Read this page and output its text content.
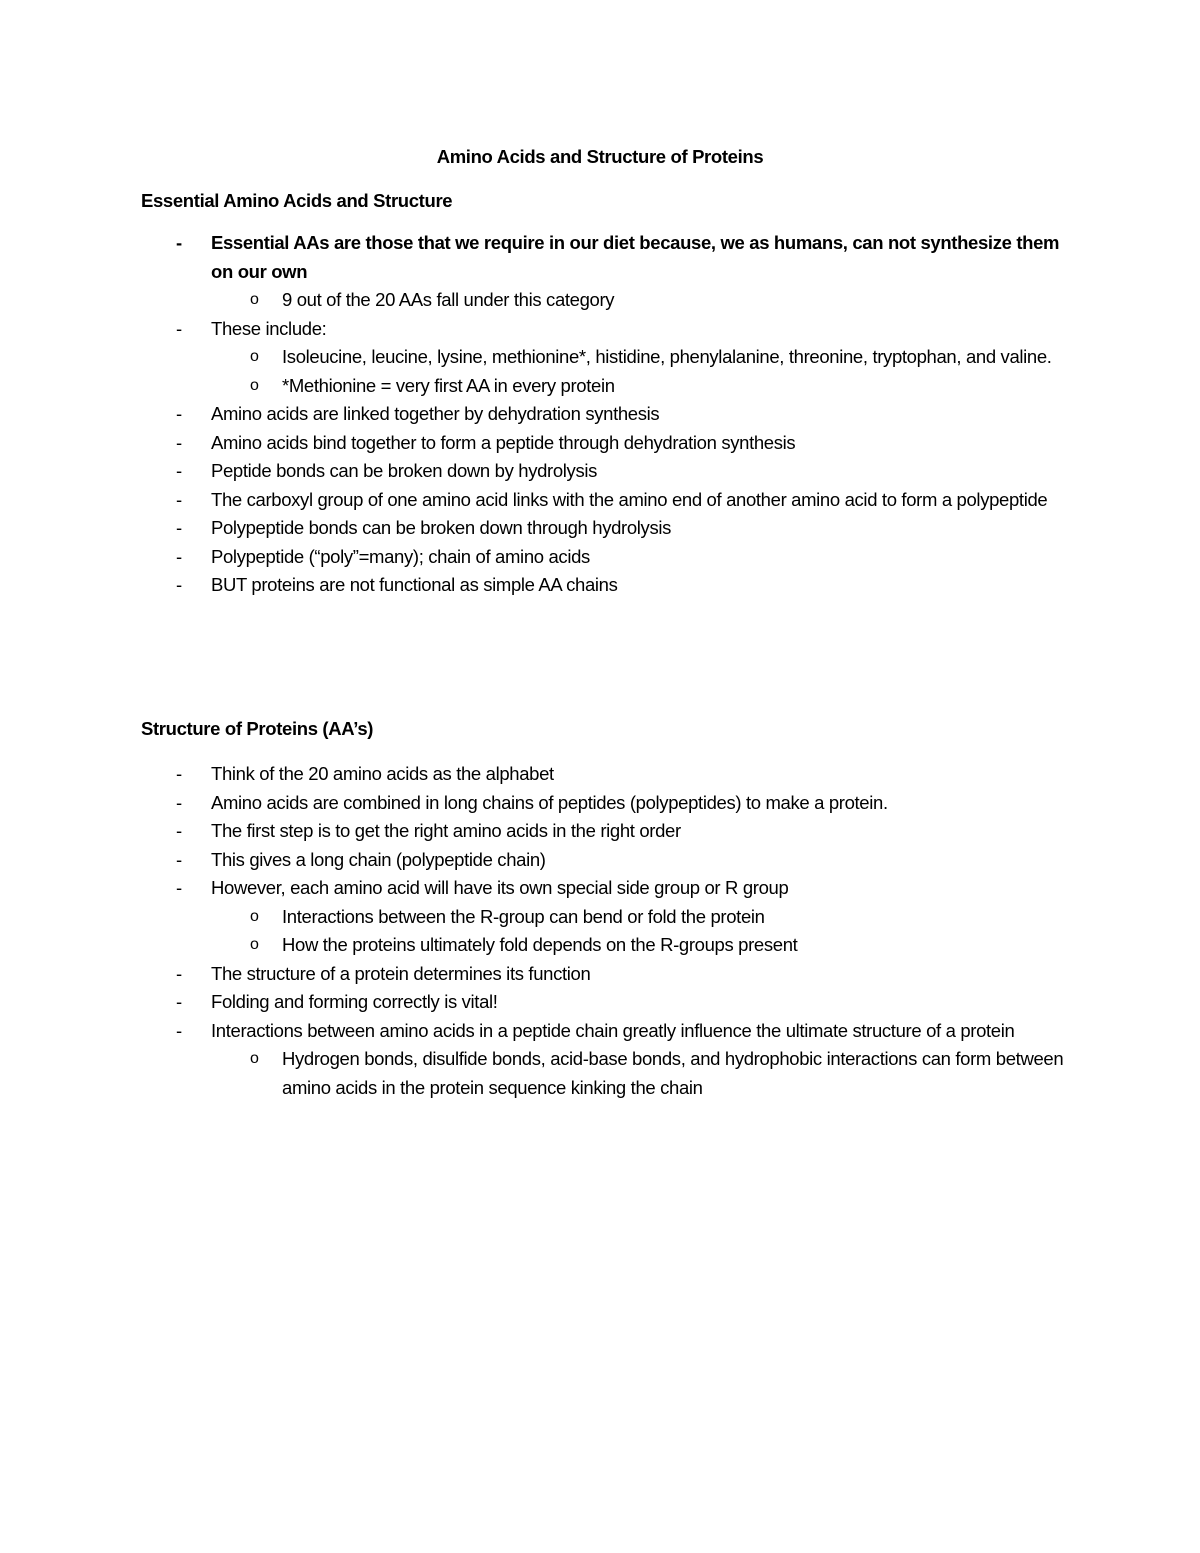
Amino Acids and Structure of Proteins
Essential Amino Acids and Structure
- Essential AAs are those that we require in our diet because, we as humans, can not synthesize them on our own
o 9 out of the 20 AAs fall under this category
- These include:
o Isoleucine, leucine, lysine, methionine*, histidine, phenylalanine, threonine, tryptophan, and valine.
o *Methionine = very first AA in every protein
- Amino acids are linked together by dehydration synthesis
- Amino acids bind together to form a peptide through dehydration synthesis
- Peptide bonds can be broken down by hydrolysis
- The carboxyl group of one amino acid links with the amino end of another amino acid to form a polypeptide
- Polypeptide bonds can be broken down through hydrolysis
- Polypeptide (“poly”=many); chain of amino acids
- BUT proteins are not functional as simple AA chains
Structure of Proteins (AA’s)
- Think of the 20 amino acids as the alphabet
- Amino acids are combined in long chains of peptides (polypeptides) to make a protein.
- The first step is to get the right amino acids in the right order
- This gives a long chain (polypeptide chain)
- However, each amino acid will have its own special side group or R group
o Interactions between the R-group can bend or fold the protein
o How the proteins ultimately fold depends on the R-groups present
- The structure of a protein determines its function
- Folding and forming correctly is vital!
- Interactions between amino acids in a peptide chain greatly influence the ultimate structure of a protein
o Hydrogen bonds, disulfide bonds, acid-base bonds, and hydrophobic interactions can form between amino acids in the protein sequence kinking the chain
